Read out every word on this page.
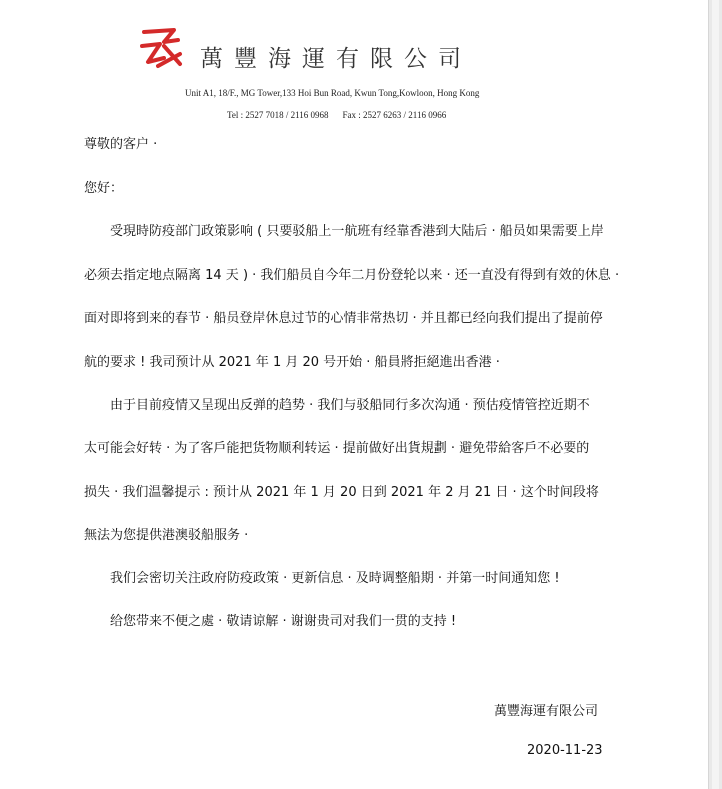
萬豐海運有限公司
Unit A1, 18/F., MG Tower,133 Hoi Bun Road, Kwun Tong,Kowloon, Hong Kong
Tel : 2527 7018 / 2116 0968 Fax : 2527 6263 / 2116 0966
尊敬的客户 ·
您好：
受現時防疫部门政策影响 ( 只要驳船上一航班有经靠香港到大陆后 · 船员如果需要上岸
必须去指定地点隔离 14 天 ) · 我们船员自今年二月份登轮以来 · 还一直没有得到有效的休息 ·
面对即将到来的春节 · 船员登岸休息过节的心情非常热切 · 并且都已经向我们提出了提前停
航的要求 ! 我司预计从 2021 年 1 月 20 号开始 · 船員將拒絕進出香港 ·
由于目前疫情又呈现出反弹的趋势 · 我们与驳船同行多次沟通 · 预估疫情管控近期不
太可能会好转 · 为了客戶能把货物顺利转运 · 提前做好出貨規劃 · 避免带給客戶不必要的
损失 · 我们温馨提示 : 预计从 2021 年 1 月 20 日到 2021 年 2 月 21 日 · 这个时间段将
無法为您提供港澳驳船服务 ·
我们会密切关注政府防疫政策 · 更新信息 · 及時调整船期 · 并第一时间通知您 !
给您带来不便之處 · 敬请谅解 · 谢谢贵司对我们一贯的支持 !
萬豐海運有限公司
2020-11-23
